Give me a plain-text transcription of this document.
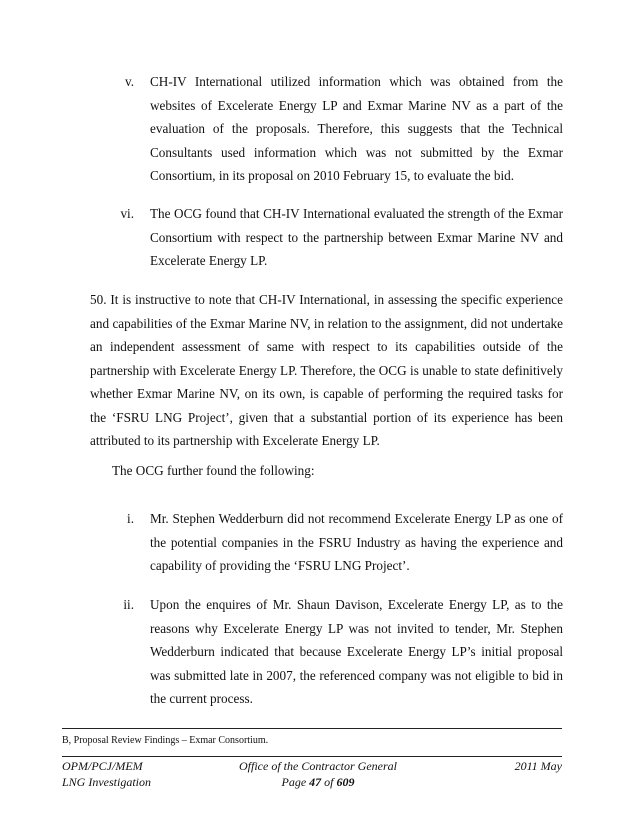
v. CH-IV International utilized information which was obtained from the websites of Excelerate Energy LP and Exmar Marine NV as a part of the evaluation of the proposals. Therefore, this suggests that the Technical Consultants used information which was not submitted by the Exmar Consortium, in its proposal on 2010 February 15, to evaluate the bid.

vi. The OCG found that CH-IV International evaluated the strength of the Exmar Consortium with respect to the partnership between Exmar Marine NV and Excelerate Energy LP.

50. It is instructive to note that CH-IV International, in assessing the specific experience and capabilities of the Exmar Marine NV, in relation to the assignment, did not undertake an independent assessment of same with respect to its capabilities outside of the partnership with Excelerate Energy LP. Therefore, the OCG is unable to state definitively whether Exmar Marine NV, on its own, is capable of performing the required tasks for the ‘FSRU LNG Project’, given that a substantial portion of its experience has been attributed to its partnership with Excelerate Energy LP.

The OCG further found the following:

i. Mr. Stephen Wedderburn did not recommend Excelerate Energy LP as one of the potential companies in the FSRU Industry as having the experience and capability of providing the ‘FSRU LNG Project’.

ii. Upon the enquires of Mr. Shaun Davison, Excelerate Energy LP, as to the reasons why Excelerate Energy LP was not invited to tender, Mr. Stephen Wedderburn indicated that because Excelerate Energy LP’s initial proposal was submitted late in 2007, the referenced company was not eligible to bid in the current process.

B, Proposal Review Findings – Exmar Consortium.
OPM/PCJ/MEM
LNG Investigation
Office of the Contractor General
Page 47 of 609
2011 May
